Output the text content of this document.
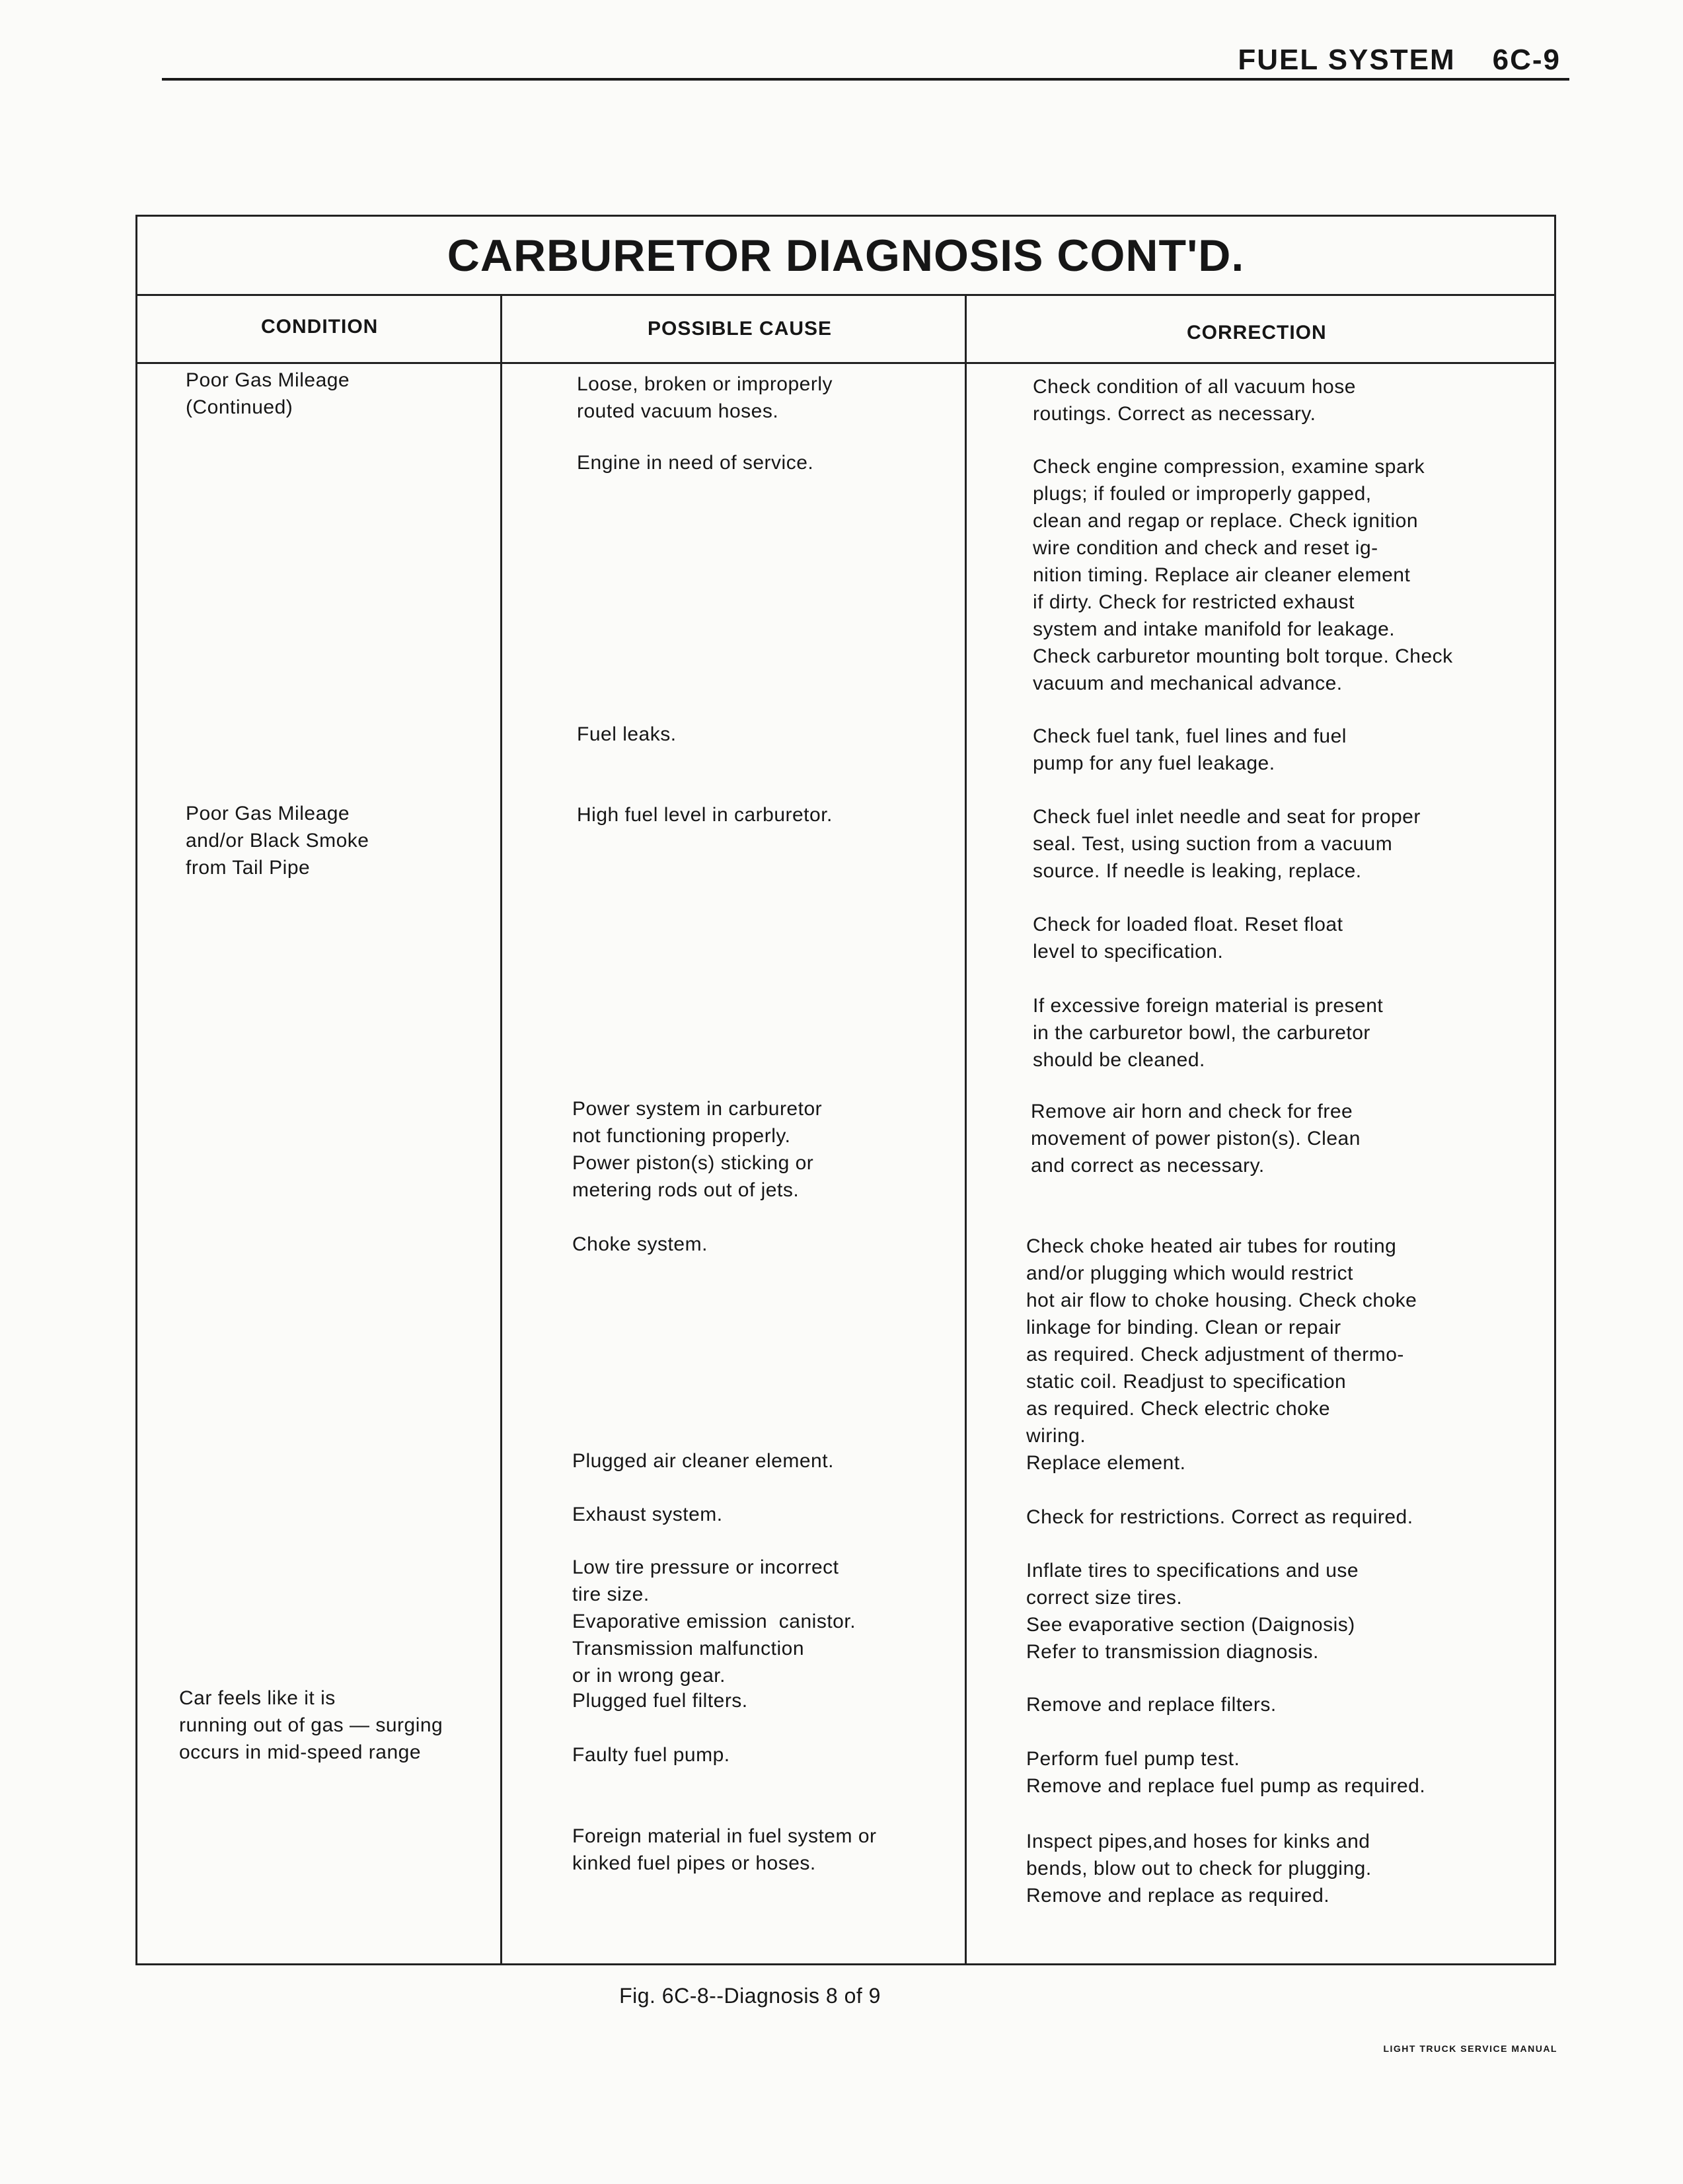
FUEL SYSTEM 6C-9
CARBURETOR DIAGNOSIS CONT'D.
CONDITION	POSSIBLE CAUSE	CORRECTION
Poor Gas Mileage
(Continued)
Poor Gas Mileage
and/or Black Smoke
from Tail Pipe
Car feels like it is
running out of gas — surging
occurs in mid-speed range
Loose, broken or improperly
routed vacuum hoses.
Engine in need of service.
Fuel leaks.
High fuel level in carburetor.
Power system in carburetor
not functioning properly.
Power piston(s) sticking or
metering rods out of jets.
Choke system.
Plugged air cleaner element.
Exhaust system.
Low tire pressure or incorrect
tire size.
Evaporative emission  canistor.
Transmission malfunction
or in wrong gear.
Plugged fuel filters.
Faulty fuel pump.
Foreign material in fuel system or
kinked fuel pipes or hoses.
Check condition of all vacuum hose
routings. Correct as necessary.
Check engine compression, examine spark
plugs; if fouled or improperly gapped,
clean and regap or replace. Check ignition
wire condition and check and reset ig-
nition timing. Replace air cleaner element
if dirty. Check for restricted exhaust
system and intake manifold for leakage.
Check carburetor mounting bolt torque. Check
vacuum and mechanical advance.
Check fuel tank, fuel lines and fuel
pump for any fuel leakage.
Check fuel inlet needle and seat for proper
seal. Test, using suction from a vacuum
source. If needle is leaking, replace.
Check for loaded float. Reset float
level to specification.
If excessive foreign material is present
in the carburetor bowl, the carburetor
should be cleaned.
Remove air horn and check for free
movement of power piston(s). Clean
and correct as necessary.
Check choke heated air tubes for routing
and/or plugging which would restrict
hot air flow to choke housing. Check choke
linkage for binding. Clean or repair
as required. Check adjustment of thermo-
static coil. Readjust to specification
as required. Check electric choke
wiring.
Replace element.
Check for restrictions. Correct as required.
Inflate tires to specifications and use
correct size tires.
See evaporative section (Daignosis)
Refer to transmission diagnosis.
Remove and replace filters.
Perform fuel pump test.
Remove and replace fuel pump as required.
Inspect pipes,and hoses for kinks and
bends, blow out to check for plugging.
Remove and replace as required.
Fig. 6C-8--Diagnosis 8 of 9
LIGHT TRUCK SERVICE MANUAL
